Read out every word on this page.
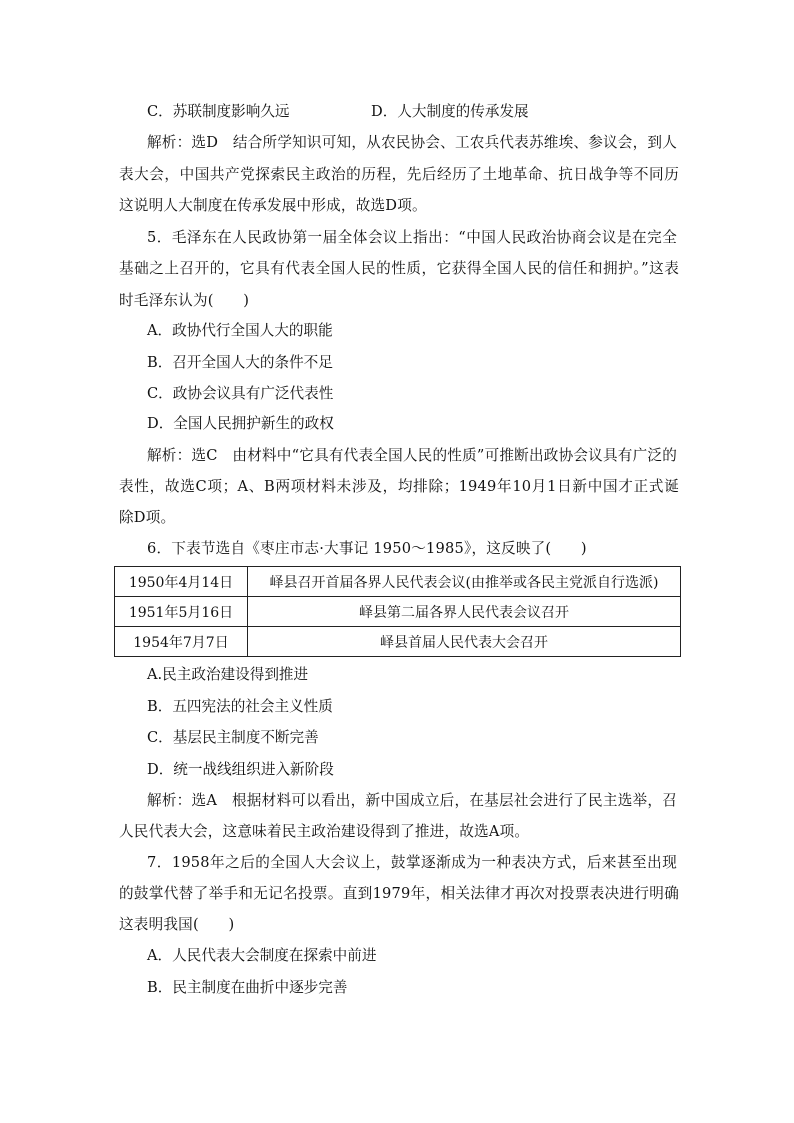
C．苏联制度影响久远	D．人大制度的传承发展
解析：选D　结合所学知识可知，从农民协会、工农兵代表苏维埃、参议会，到人
表大会，中国共产党探索民主政治的历程，先后经历了土地革命、抗日战争等不同历
这说明人大制度在传承发展中形成，故选D项。
5．毛泽东在人民政协第一届全体会议上指出：“中国人民政治协商会议是在完全
基础之上召开的，它具有代表全国人民的性质，它获得全国人民的信任和拥护。”这表
时毛泽东认为(　　)
A．政协代行全国人大的职能
B．召开全国人大的条件不足
C．政协会议具有广泛代表性
D．全国人民拥护新生的政权
解析：选C　由材料中“它具有代表全国人民的性质”可推断出政协会议具有广泛的
表性，故选C项；A、B两项材料未涉及，均排除；1949年10月1日新中国才正式诞
除D项。
6．下表节选自《枣庄市志·大事记 1950～1985》，这反映了(　　)
1950年4月14日	峄县召开首届各界人民代表会议(由推举或各民主党派自行选派)
1951年5月16日	峄县第二届各界人民代表会议召开
1954年7月7日	峄县首届人民代表大会召开
A.民主政治建设得到推进
B．五四宪法的社会主义性质
C．基层民主制度不断完善
D．统一战线组织进入新阶段
解析：选A　根据材料可以看出，新中国成立后，在基层社会进行了民主选举，召
人民代表大会，这意味着民主政治建设得到了推进，故选A项。
7．1958年之后的全国人大会议上，鼓掌逐渐成为一种表决方式，后来甚至出现
的鼓掌代替了举手和无记名投票。直到1979年，相关法律才再次对投票表决进行明确
这表明我国(　　)
A．人民代表大会制度在探索中前进
B．民主制度在曲折中逐步完善
